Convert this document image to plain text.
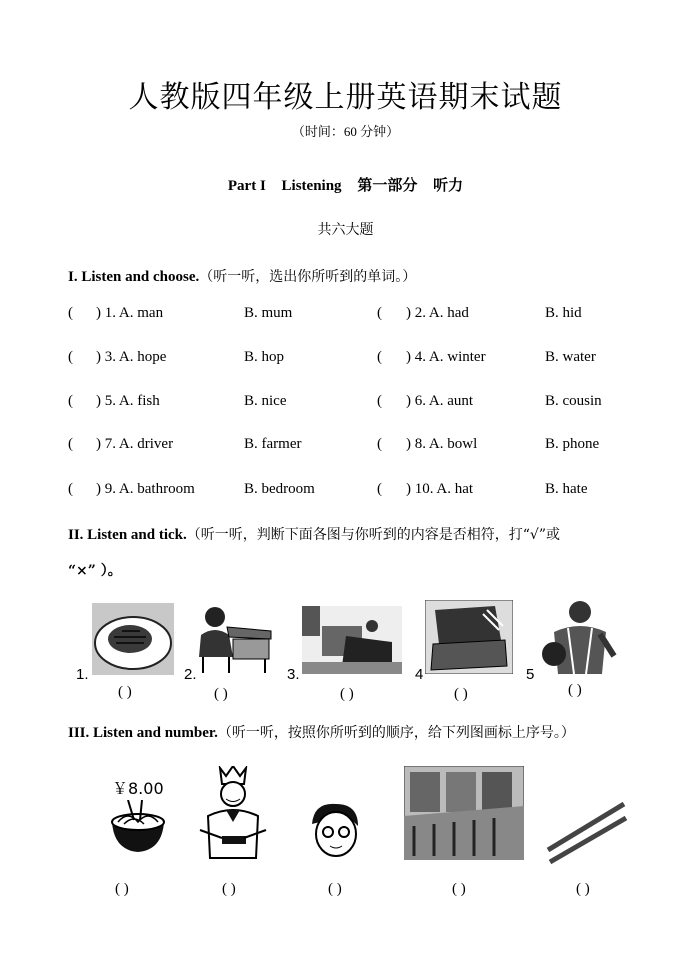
人教版四年级上册英语期末试题
（时间：60 分钟）
Part I Listening 第一部分 听力
共六大题
I. Listen and choose.（听一听，选出你所听到的单词。）
( ) 1. A. man	B. mum	( ) 2. A. had	B. hid
( ) 3. A. hope	B. hop	( ) 4. A. winter	B. water
( ) 5. A. fish	B. nice	( ) 6. A. aunt	B. cousin
( ) 7. A. driver	B. farmer	( ) 8. A. bowl	B. phone
( ) 9. A. bathroom	B. bedroom	( ) 10. A. hat	B. hate
II. Listen and tick.（听一听，判断下面各图与你听到的内容是否相符，打“√”或
“×” ）。
1.	2.	3.	4	5
( )	( )	( )	( )	( )
III. Listen and number.（听一听，按照你所听到的顺序，给下列图画标上序号。）
￥8.00
( )	( )	( )	( )	( )
